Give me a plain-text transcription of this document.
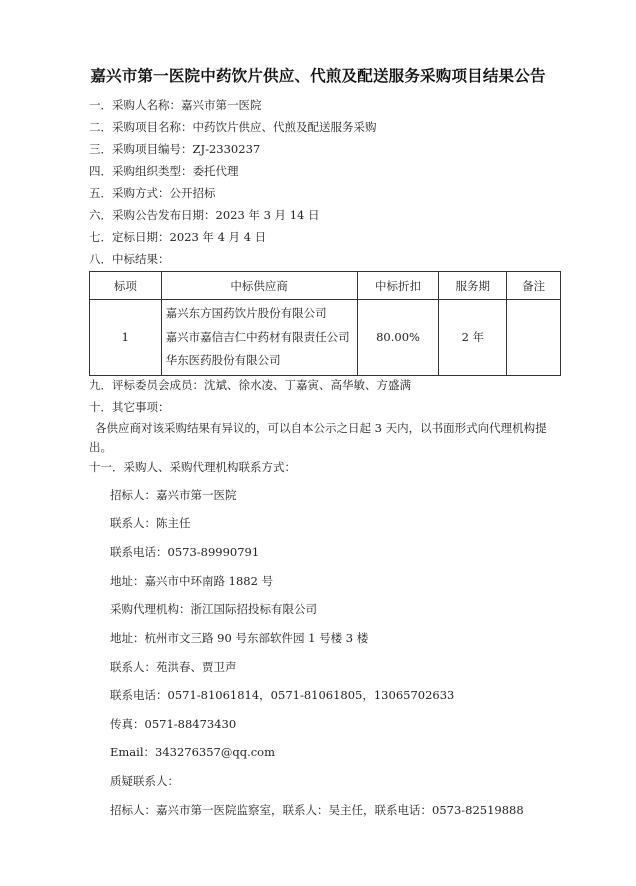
嘉兴市第一医院中药饮片供应、代煎及配送服务采购项目结果公告
一．采购人名称：嘉兴市第一医院
二．采购项目名称：中药饮片供应、代煎及配送服务采购
三．采购项目编号：ZJ-2330237
四．采购组织类型：委托代理
五．采购方式：公开招标
六．采购公告发布日期：2023 年 3 月 14 日
七．定标日期：2023 年 4 月 4 日
八．中标结果：
标项	中标供应商	中标折扣	服务期	备注
1	嘉兴东方国药饮片股份有限公司
嘉兴市嘉信吉仁中药材有限责任公司
华东医药股份有限公司	80.00%	2 年	
九．评标委员会成员：沈斌、徐水凌、丁嘉寅、高华敏、方盛满
十．其它事项：
各供应商对该采购结果有异议的，可以自本公示之日起 3 天内，以书面形式向代理机构提出。
十一．采购人、采购代理机构联系方式：
招标人：嘉兴市第一医院
联系人：陈主任
联系电话：0573-89990791
地址：嘉兴市中环南路 1882 号
采购代理机构：浙江国际招投标有限公司
地址：杭州市文三路 90 号东部软件园 1 号楼 3 楼
联系人：苑洪春、贾卫声
联系电话：0571-81061814，0571-81061805，13065702633
传真：0571-88473430
Email：343276357@qq.com
质疑联系人：
招标人：嘉兴市第一医院监察室，联系人：吴主任，联系电话：0573-82519888
